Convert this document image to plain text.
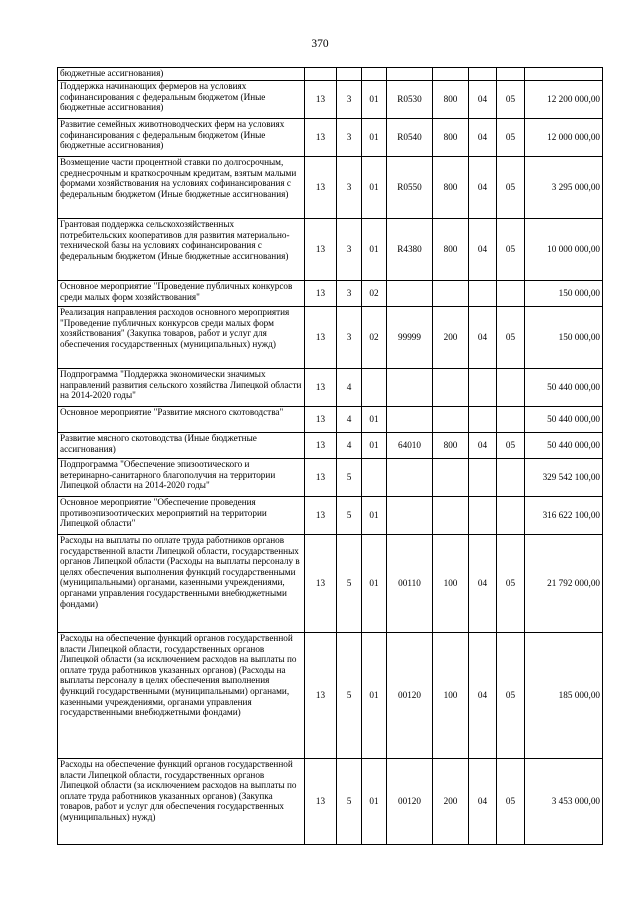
370
бюджетные ассигнования)								
Поддержка начинающих фермеров на условиях софинансирования с федеральным бюджетом (Иные бюджетные ассигнования)	13	3	01	R0530	800	04	05	12 200 000,00
Развитие семейных животноводческих ферм на условиях софинансирования с федеральным бюджетом (Иные бюджетные ассигнования)	13	3	01	R0540	800	04	05	12 000 000,00
Возмещение части процентной ставки по долгосрочным, среднесрочным и краткосрочным кредитам, взятым малыми формами хозяйствования на условиях софинансирования с федеральным бюджетом (Иные бюджетные ассигнования)	13	3	01	R0550	800	04	05	3 295 000,00
Грантовая поддержка сельскохозяйственных потребительских кооперативов для развития материально-технической базы на условиях софинансирования с федеральным бюджетом (Иные бюджетные ассигнования)	13	3	01	R4380	800	04	05	10 000 000,00
Основное мероприятие "Проведение публичных конкурсов среди малых форм хозяйствования"	13	3	02					150 000,00
Реализация направления расходов основного мероприятия "Проведение публичных конкурсов среди малых форм хозяйствования" (Закупка товаров, работ и услуг для обеспечения государственных (муниципальных) нужд)	13	3	02	99999	200	04	05	150 000,00
Подпрограмма "Поддержка экономически значимых направлений развития сельского хозяйства Липецкой области на 2014-2020 годы"	13	4						50 440 000,00
Основное мероприятие "Развитие мясного скотоводства"	13	4	01					50 440 000,00
Развитие мясного скотоводства (Иные бюджетные ассигнования)	13	4	01	64010	800	04	05	50 440 000,00
Подпрограмма "Обеспечение эпизоотического и ветеринарно-санитарного благополучия на территории Липецкой области на 2014-2020 годы"	13	5						329 542 100,00
Основное мероприятие "Обеспечение проведения противоэпизоотических мероприятий на территории Липецкой области"	13	5	01					316 622 100,00
Расходы на выплаты по оплате труда работников органов государственной власти Липецкой области, государственных органов Липецкой области (Расходы на выплаты персоналу в целях обеспечения выполнения функций государственными (муниципальными) органами, казенными учреждениями, органами управления государственными внебюджетными фондами)	13	5	01	00110	100	04	05	21 792 000,00
Расходы на обеспечение функций органов государственной власти Липецкой области, государственных органов Липецкой области (за исключением расходов на выплаты по оплате труда работников указанных органов) (Расходы на выплаты персоналу в целях обеспечения выполнения функций государственными (муниципальными) органами, казенными учреждениями, органами управления государственными внебюджетными фондами)	13	5	01	00120	100	04	05	185 000,00
Расходы на обеспечение функций органов государственной власти Липецкой области, государственных органов Липецкой области (за исключением расходов на выплаты по оплате труда работников указанных органов) (Закупка товаров, работ и услуг для обеспечения государственных (муниципальных) нужд)	13	5	01	00120	200	04	05	3 453 000,00
